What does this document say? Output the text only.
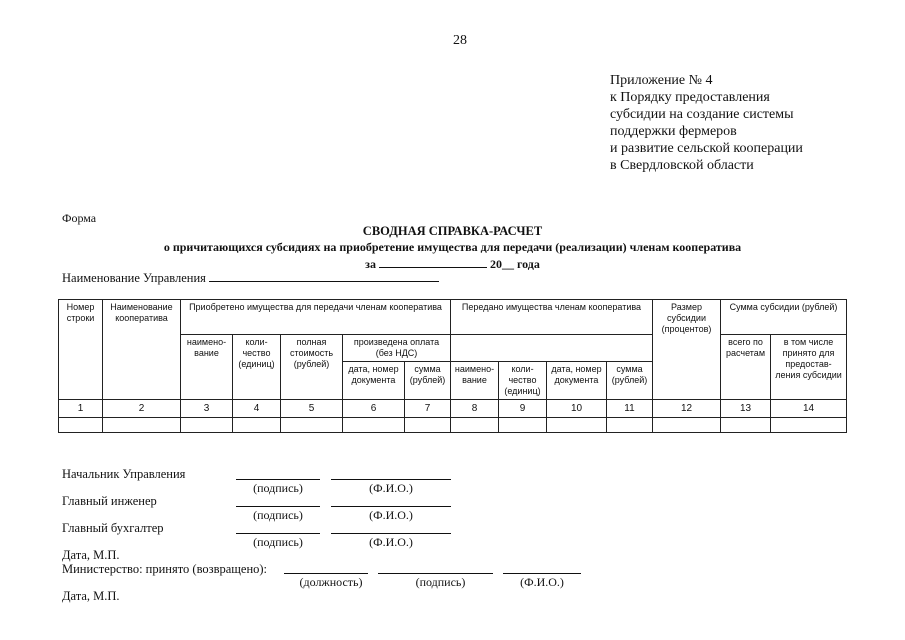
28
Приложение № 4
к Порядку предоставления
субсидии на создание системы
поддержки фермеров
и развитие сельской кооперации
в Свердловской области
Форма
СВОДНАЯ СПРАВКА-РАСЧЕТ
о причитающихся субсидиях на приобретение имущества для передачи (реализации) членам кооператива
за	20__ года
Наименование Управления
Номер строки	Наименование кооператива	Приобретено имущества для передачи членам кооператива					Передано имущества членам кооператива				Размер субсидии (процентов)	Сумма субсидии (рублей)	
		наимено-вание	коли-чество (единиц)	полная стоимость (рублей)	произведена оплата (без НДС)							всего по расчетам	в том числе принято для предостав-ления субсидии
					дата, номер документа	сумма (рублей)	наимено-вание	коли-чество (единиц)	дата, номер документа	сумма (рублей)			
1	2	3	4	5	6	7	8	9	10	11	12	13	14

Начальник Управления
(подпись)	(Ф.И.О.)
Главный инженер
(подпись)	(Ф.И.О.)
Главный бухгалтер
(подпись)	(Ф.И.О.)
Дата, М.П.
Министерство: принято (возвращено):
(должность)	(подпись)	(Ф.И.О.)
Дата, М.П.
